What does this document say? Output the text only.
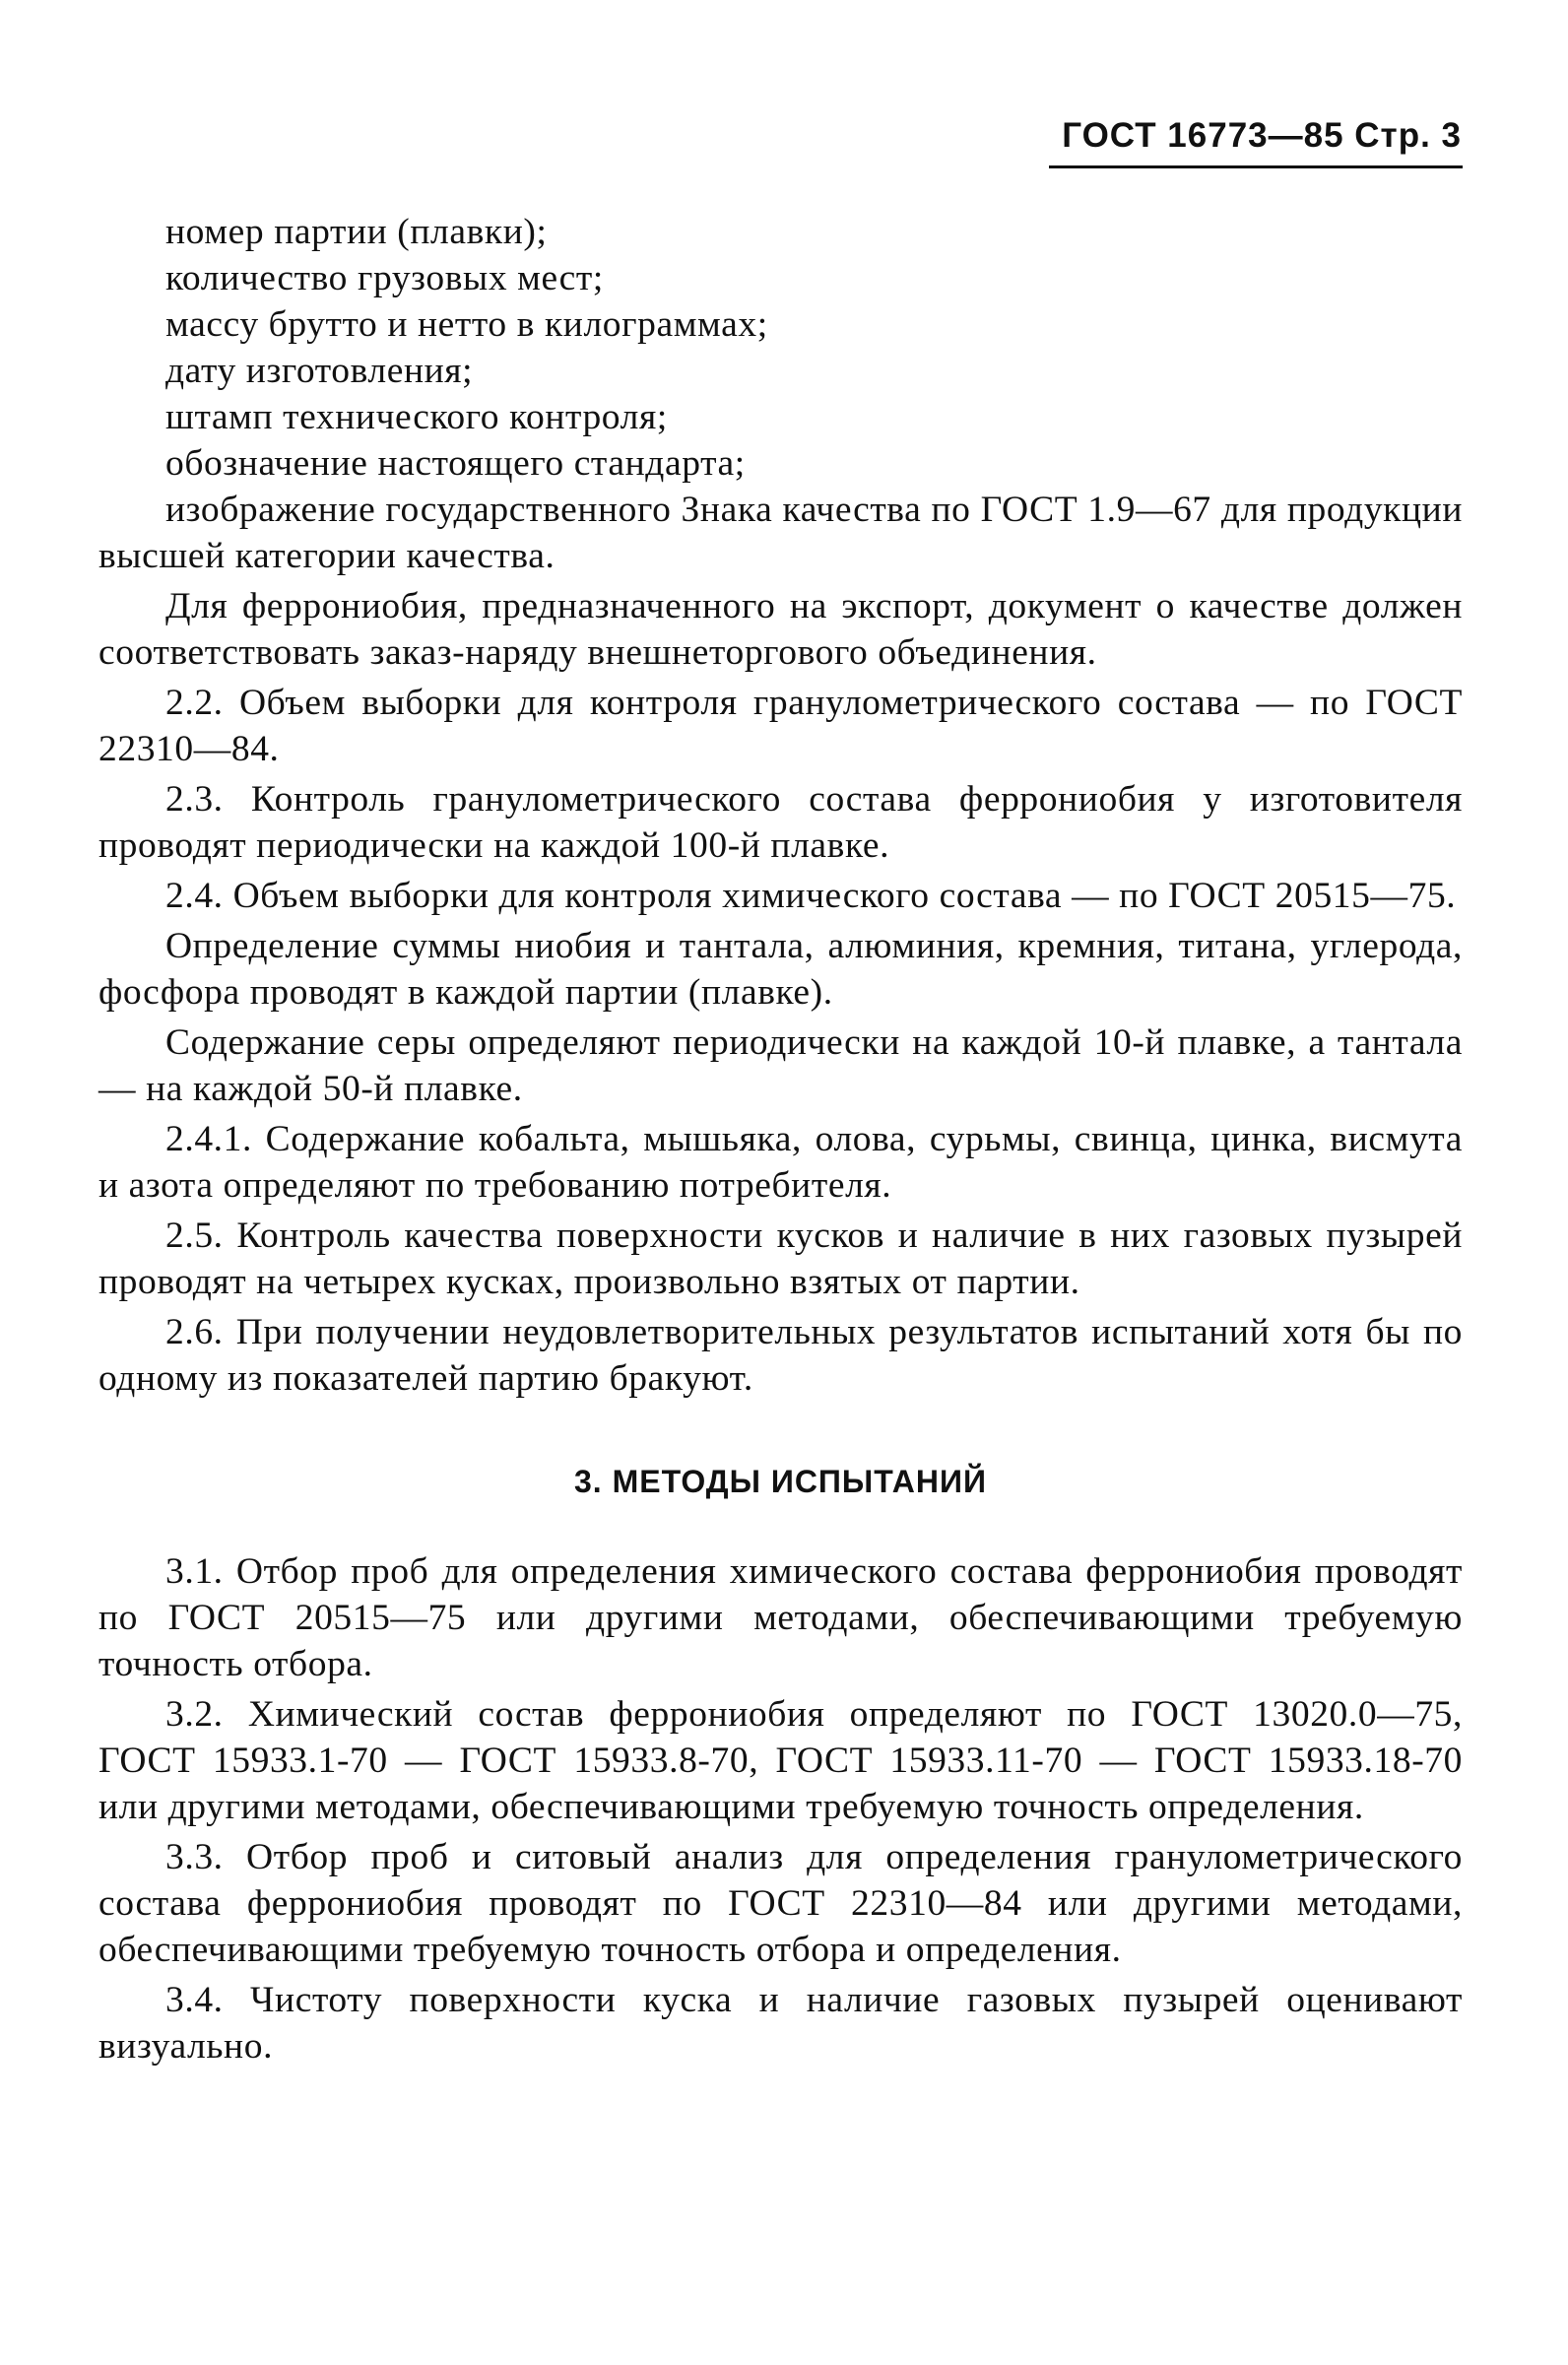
ГОСТ 16773—85 Стр. 3

номер партии (плавки);

количество грузовых мест;

массу брутто и нетто в килограммах;

дату изготовления;

штамп технического контроля;

обозначение настоящего стандарта;

изображение государственного Знака качества по ГОСТ 1.9—67 для продукции высшей категории качества.

Для феррониобия, предназначенного на экспорт, документ о качестве должен соответствовать заказ-наряду внешнеторгового объединения.

2.2. Объем выборки для контроля гранулометрического состава — по ГОСТ 22310—84.

2.3. Контроль гранулометрического состава феррониобия у изготовителя проводят периодически на каждой 100-й плавке.

2.4. Объем выборки для контроля химического состава — по ГОСТ 20515—75.

Определение суммы ниобия и тантала, алюминия, кремния, титана, углерода, фосфора проводят в каждой партии (плавке).

Содержание серы определяют периодически на каждой 10-й плавке, а тантала — на каждой 50-й плавке.

2.4.1. Содержание кобальта, мышьяка, олова, сурьмы, свинца, цинка, висмута и азота определяют по требованию потребителя.

2.5. Контроль качества поверхности кусков и наличие в них газовых пузырей проводят на четырех кусках, произвольно взятых от партии.

2.6. При получении неудовлетворительных результатов испытаний хотя бы по одному из показателей партию бракуют.

3. МЕТОДЫ ИСПЫТАНИЙ

3.1. Отбор проб для определения химического состава феррониобия проводят по ГОСТ 20515—75 или другими методами, обеспечивающими требуемую точность отбора.

3.2. Химический состав феррониобия определяют по ГОСТ 13020.0—75, ГОСТ 15933.1-70 — ГОСТ 15933.8-70, ГОСТ 15933.11-70 — ГОСТ 15933.18-70 или другими методами, обеспечивающими требуемую точность определения.

3.3. Отбор проб и ситовый анализ для определения гранулометрического состава феррониобия проводят по ГОСТ 22310—84 или другими методами, обеспечивающими требуемую точность отбора и определения.

3.4. Чистоту поверхности куска и наличие газовых пузырей оценивают визуально.
